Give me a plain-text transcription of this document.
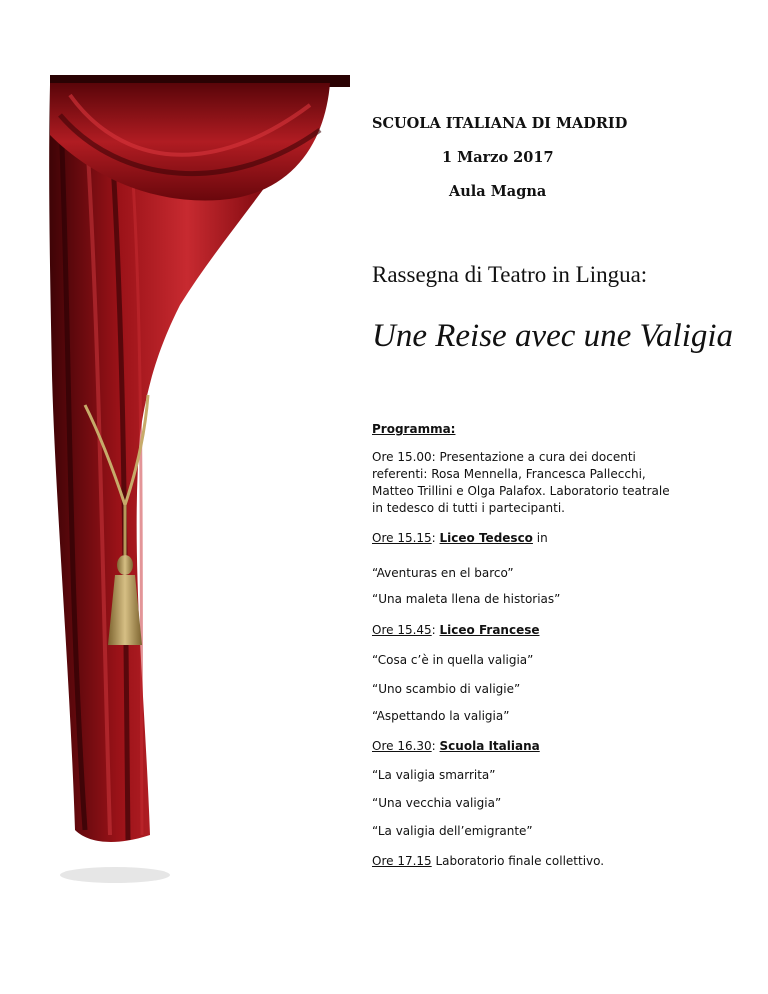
SCUOLA ITALIANA DI MADRID
1 Marzo 2017
Aula Magna
Rassegna di Teatro in Lingua:
Une Reise avec une Valigia
Programma:
Ore 15.00: Presentazione a cura dei docenti referenti: Rosa Mennella, Francesca Pallecchi, Matteo Trillini e Olga Palafox. Laboratorio teatrale in tedesco di tutti i partecipanti.
Ore 15.15: Liceo Tedesco in
“Aventuras en el barco”
“Una maleta llena de historias”
Ore 15.45: Liceo Francese
“Cosa c’è in quella valigia”
“Uno scambio di valigie”
“Aspettando la valigia”
Ore 16.30: Scuola Italiana
“La valigia smarrita”
“Una vecchia valigia”
“La valigia dell’emigrante”
Ore 17.15 Laboratorio finale collettivo.
